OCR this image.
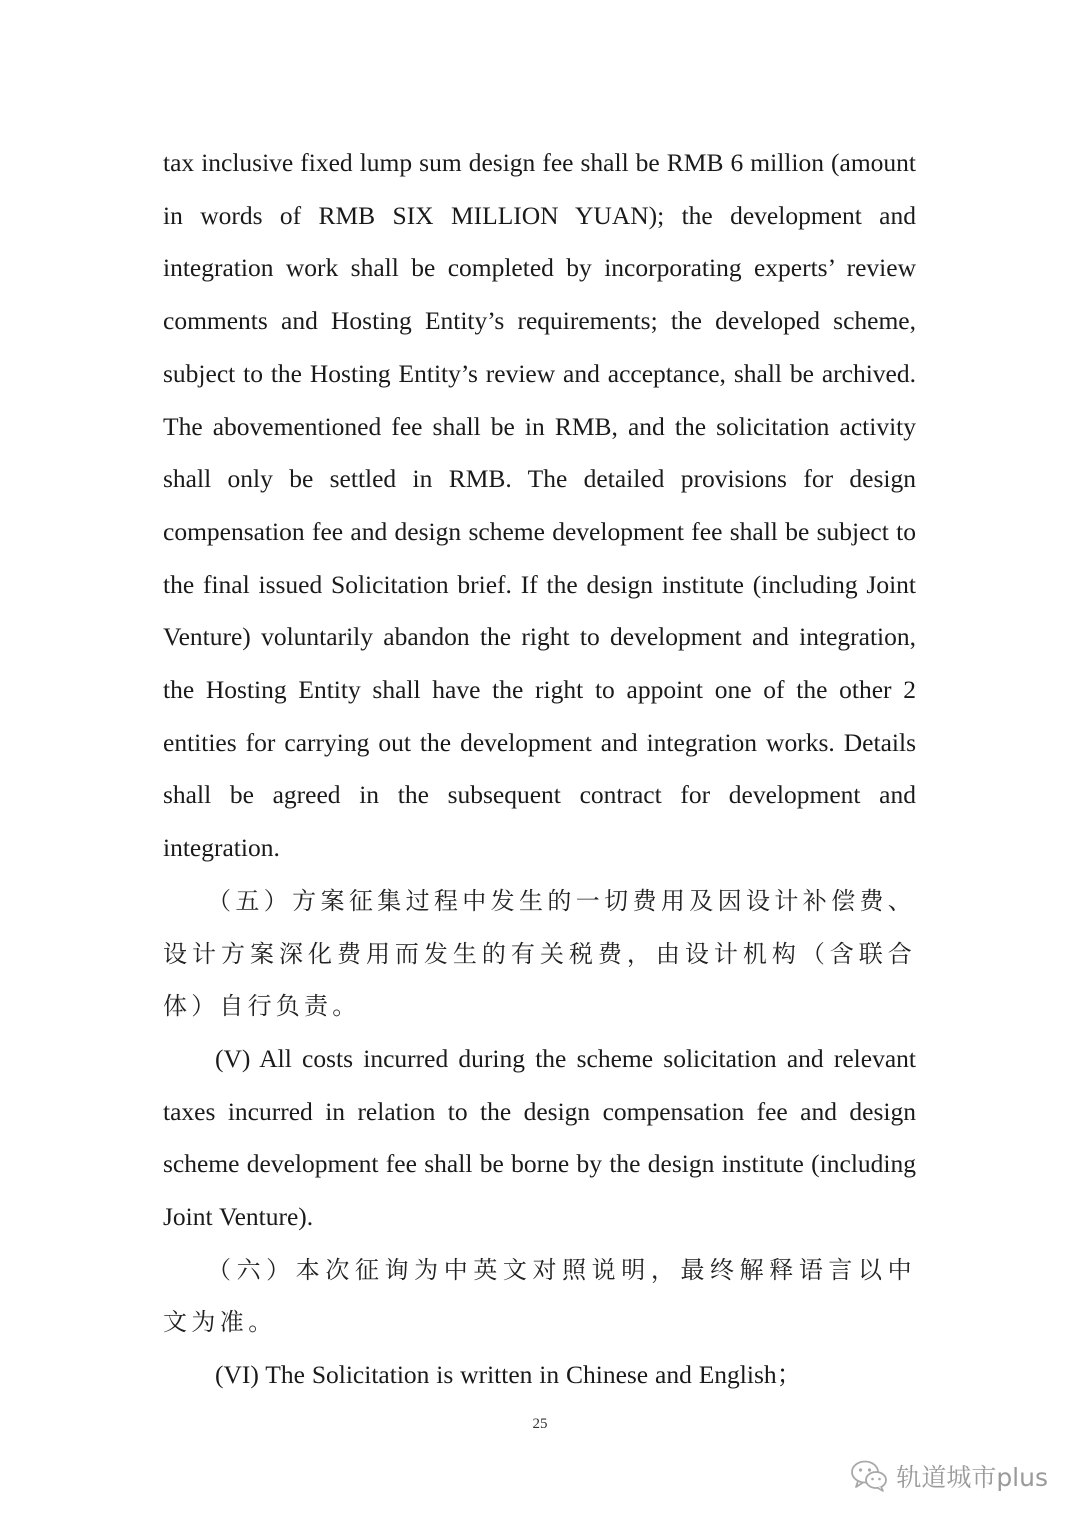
tax inclusive fixed lump sum design fee shall be RMB 6 million (amount in words of RMB SIX MILLION YUAN); the development and integration work shall be completed by incorporating experts’ review comments and Hosting Entity’s requirements; the developed scheme, subject to the Hosting Entity’s review and acceptance, shall be archived. The abovementioned fee shall be in RMB, and the solicitation activity shall only be settled in RMB. The detailed provisions for design compensation fee and design scheme development fee shall be subject to the final issued Solicitation brief. If the design institute (including Joint Venture) voluntarily abandon the right to development and integration, the Hosting Entity shall have the right to appoint one of the other 2 entities for carrying out the development and integration works. Details shall be agreed in the subsequent contract for development and integration.

（五）方案征集过程中发生的一切费用及因设计补偿费、设计方案深化费用而发生的有关税费，由设计机构（含联合体）自行负责。

(V) All costs incurred during the scheme solicitation and relevant taxes incurred in relation to the design compensation fee and design scheme development fee shall be borne by the design institute (including Joint Venture).

（六）本次征询为中英文对照说明，最终解释语言以中文为准。

(VI) The Solicitation is written in Chinese and English；

25
轨道城市plus
